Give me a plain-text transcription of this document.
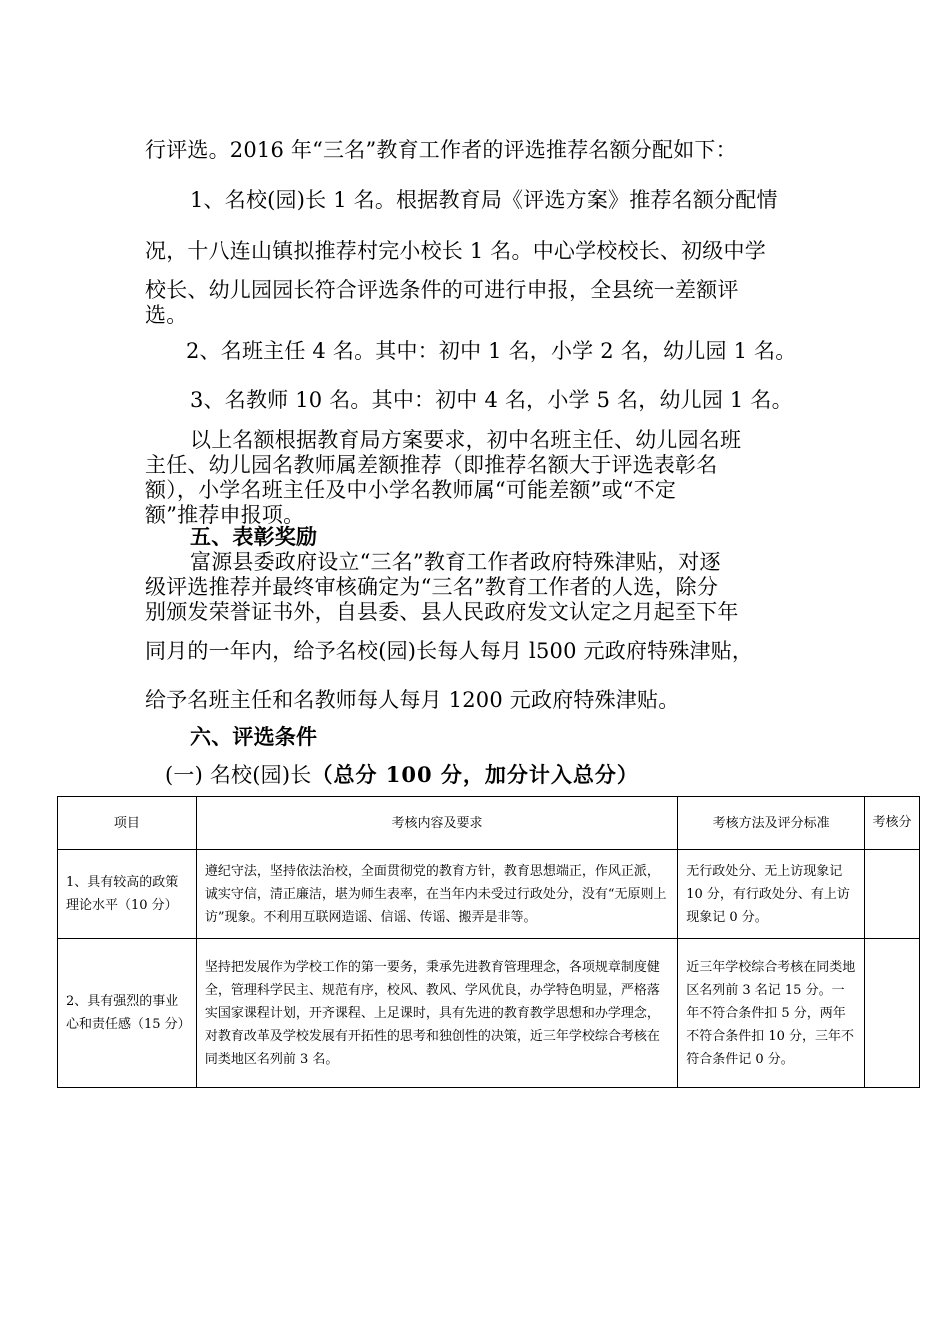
行评选。2016 年“三名”教育工作者的评选推荐名额分配如下：
1、名校(园)长 1 名。根据教育局《评选方案》推荐名额分配情
况，十八连山镇拟推荐村完小校长 1 名。中心学校校长、初级中学
校长、幼儿园园长符合评选条件的可进行申报，全县统一差额评
选。
2、名班主任 4 名。其中：初中 1 名，小学 2 名，幼儿园 1 名。
3、名教师 10 名。其中：初中 4 名，小学 5 名，幼儿园 1 名。
以上名额根据教育局方案要求，初中名班主任、幼儿园名班
主任、幼儿园名教师属差额推荐（即推荐名额大于评选表彰名
额），小学名班主任及中小学名教师属“可能差额”或“不定
额”推荐申报项。
五、表彰奖励
富源县委政府设立“三名”教育工作者政府特殊津贴，对逐
级评选推荐并最终审核确定为“三名”教育工作者的人选，除分
别颁发荣誉证书外，自县委、县人民政府发文认定之月起至下年
同月的一年内，给予名校(园)长每人每月 l500 元政府特殊津贴，
给予名班主任和名教师每人每月 1200 元政府特殊津贴。
六、评选条件
(一) 名校(园)长（总分 100 分，加分计入总分）
项目	考核内容及要求	考核方法及评分标准	考核分
1、具有较高的政策理论水平（10 分）	遵纪守法，坚持依法治校，全面贯彻党的教育方针，教育思想端正，作风正派，诚实守信，清正廉洁，堪为师生表率，在当年内未受过行政处分，没有“无原则上访”现象。不利用互联网造谣、信谣、传谣、搬弄是非等。	无行政处分、无上访现象记 10 分，有行政处分、有上访现象记 0 分。	
2、具有强烈的事业心和责任感（15 分）	坚持把发展作为学校工作的第一要务，秉承先进教育管理理念，各项规章制度健全，管理科学民主、规范有序，校风、教风、学风优良，办学特色明显，严格落实国家课程计划，开齐课程、上足课时，具有先进的教育教学思想和办学理念，对教育改革及学校发展有开拓性的思考和独创性的决策，近三年学校综合考核在同类地区名列前 3 名。	近三年学校综合考核在同类地区名列前 3 名记 15 分。一年不符合条件扣 5 分，两年不符合条件扣 10 分，三年不符合条件记 0 分。	
